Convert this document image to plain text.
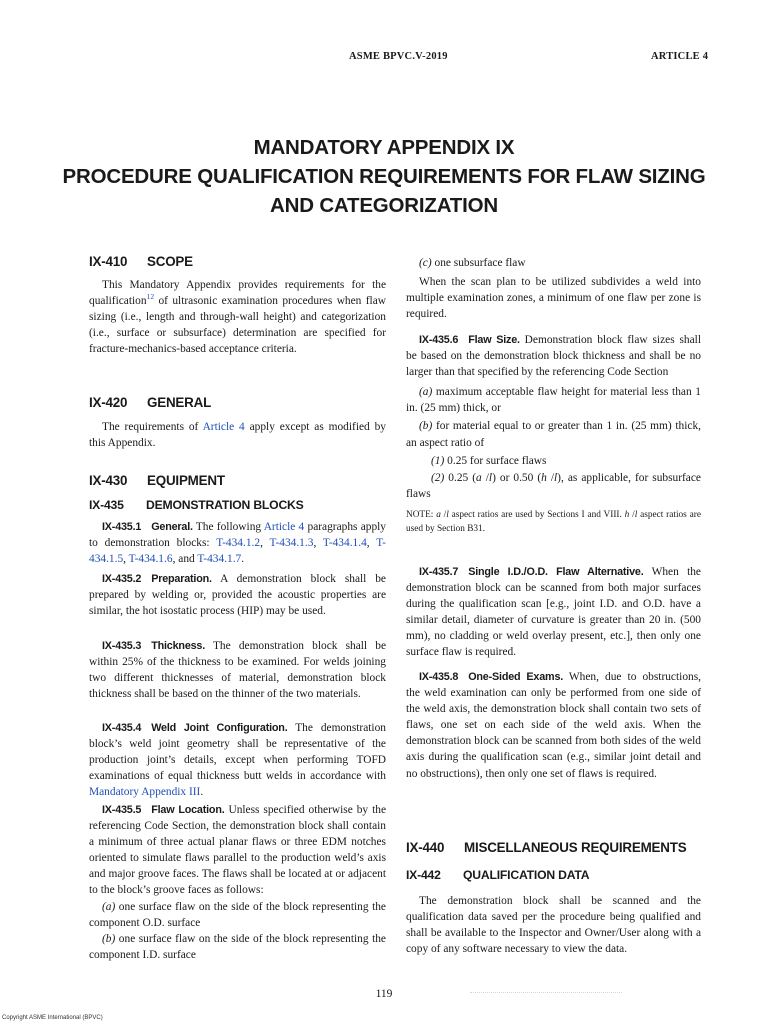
ASME BPVC.V-2019	ARTICLE 4
MANDATORY APPENDIX IX
PROCEDURE QUALIFICATION REQUIREMENTS FOR FLAW SIZING
AND CATEGORIZATION
IX-410 SCOPE

This Mandatory Appendix provides requirements for the qualification$^{12}$ of ultrasonic examination procedures when flaw sizing (i.e., length and through-wall height) and categorization (i.e., surface or subsurface) determination are specified for fracture-mechanics-based acceptance criteria.

IX-420 GENERAL

The requirements of Article 4 apply except as modified by this Appendix.

IX-430 EQUIPMENT
IX-435 DEMONSTRATION BLOCKS

IX-435.1 General. The following Article 4 paragraphs apply to demonstration blocks: T-434.1.2, T-434.1.3, T-434.1.4, T-434.1.5, T-434.1.6, and T-434.1.7.

IX-435.2 Preparation. A demonstration block shall be prepared by welding or, provided the acoustic properties are similar, the hot isostatic process (HIP) may be used.

IX-435.3 Thickness. The demonstration block shall be within 25% of the thickness to be examined. For welds joining two different thicknesses of material, demonstration block thickness shall be based on the thinner of the two materials.

IX-435.4 Weld Joint Configuration. The demonstration block’s weld joint geometry shall be representative of the production joint’s details, except when performing TOFD examinations of equal thickness butt welds in accordance with Mandatory Appendix III.

IX-435.5 Flaw Location. Unless specified otherwise by the referencing Code Section, the demonstration block shall contain a minimum of three actual planar flaws or three EDM notches oriented to simulate flaws parallel to the production weld’s axis and major groove faces. The flaws shall be located at or adjacent to the block’s groove faces as follows:

(a) one surface flaw on the side of the block representing the component O.D. surface

(b) one surface flaw on the side of the block representing the component I.D. surface

(c) one subsurface flaw

When the scan plan to be utilized subdivides a weld into multiple examination zones, a minimum of one flaw per zone is required.

IX-435.6 Flaw Size. Demonstration block flaw sizes shall be based on the demonstration block thickness and shall be no larger than that specified by the referencing Code Section

(a) maximum acceptable flaw height for material less than 1 in. (25 mm) thick, or

(b) for material equal to or greater than 1 in. (25 mm) thick, an aspect ratio of

(1) 0.25 for surface flaws

(2) 0.25 (a /l) or 0.50 (h /l), as applicable, for subsurface flaws

NOTE: a /l aspect ratios are used by Sections I and VIII. h /l aspect ratios are used by Section B31.

IX-435.7 Single I.D./O.D. Flaw Alternative. When the demonstration block can be scanned from both major surfaces during the qualification scan [e.g., joint I.D. and O.D. have a similar detail, diameter of curvature is greater than 20 in. (500 mm), no cladding or weld overlay present, etc.], then only one surface flaw is required.

IX-435.8 One-Sided Exams. When, due to obstructions, the weld examination can only be performed from one side of the weld axis, the demonstration block shall contain two sets of flaws, one set on each side of the weld axis. When the demonstration block can be scanned from both sides of the weld axis during the qualification scan (e.g., similar joint detail and no obstructions), then only one set of flaws is required.

IX-440 MISCELLANEOUS REQUIREMENTS
IX-442 QUALIFICATION DATA

The demonstration block shall be scanned and the qualification data saved per the procedure being qualified and shall be available to the Inspector and Owner/User along with a copy of any software necessary to view the data.

119
Copyright ASME International (BPVC)
